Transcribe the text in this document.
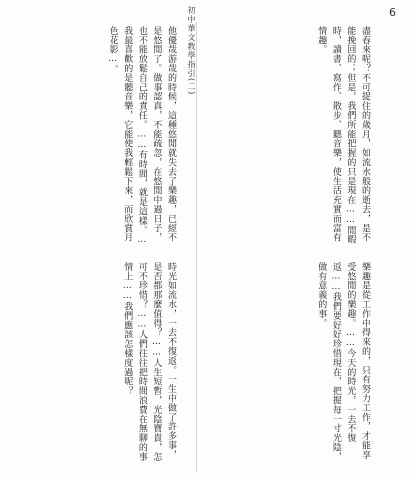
6
初中華文教學指引(二)	盡春來呢？不可捉住的歲月，如流水般的逝去，是不能挽回的；但是，我們所能把握的只是現在……閒暇時，讀書、寫作、散步、聽音樂，使生活充實而富有情趣。

樂趣是從工作中得來的，只有努力工作，才能享受悠閒的樂趣。……今天的時光，一去不復返……我們要好好珍惜現在，把握每一寸光陰，做有意義的事。

他優哉游哉的時候，這種悠閒就失去了樂趣，已經不是悠閒了。做事認真，不能疏忽，在悠閒中過日子，也不能放鬆自己的責任。……有時間，就是這樣。…我最喜歡的是聽音樂，它能使我輕鬆下來，而欣賞月色花影…。

時光如流水，一去不復返。一生中做了許多事，是否都那麼值得？……人生短暫，光陰寶貴，怎可不珍惜？……人們往往把時間浪費在無聊的事情上……我們應該怎樣度過呢？
